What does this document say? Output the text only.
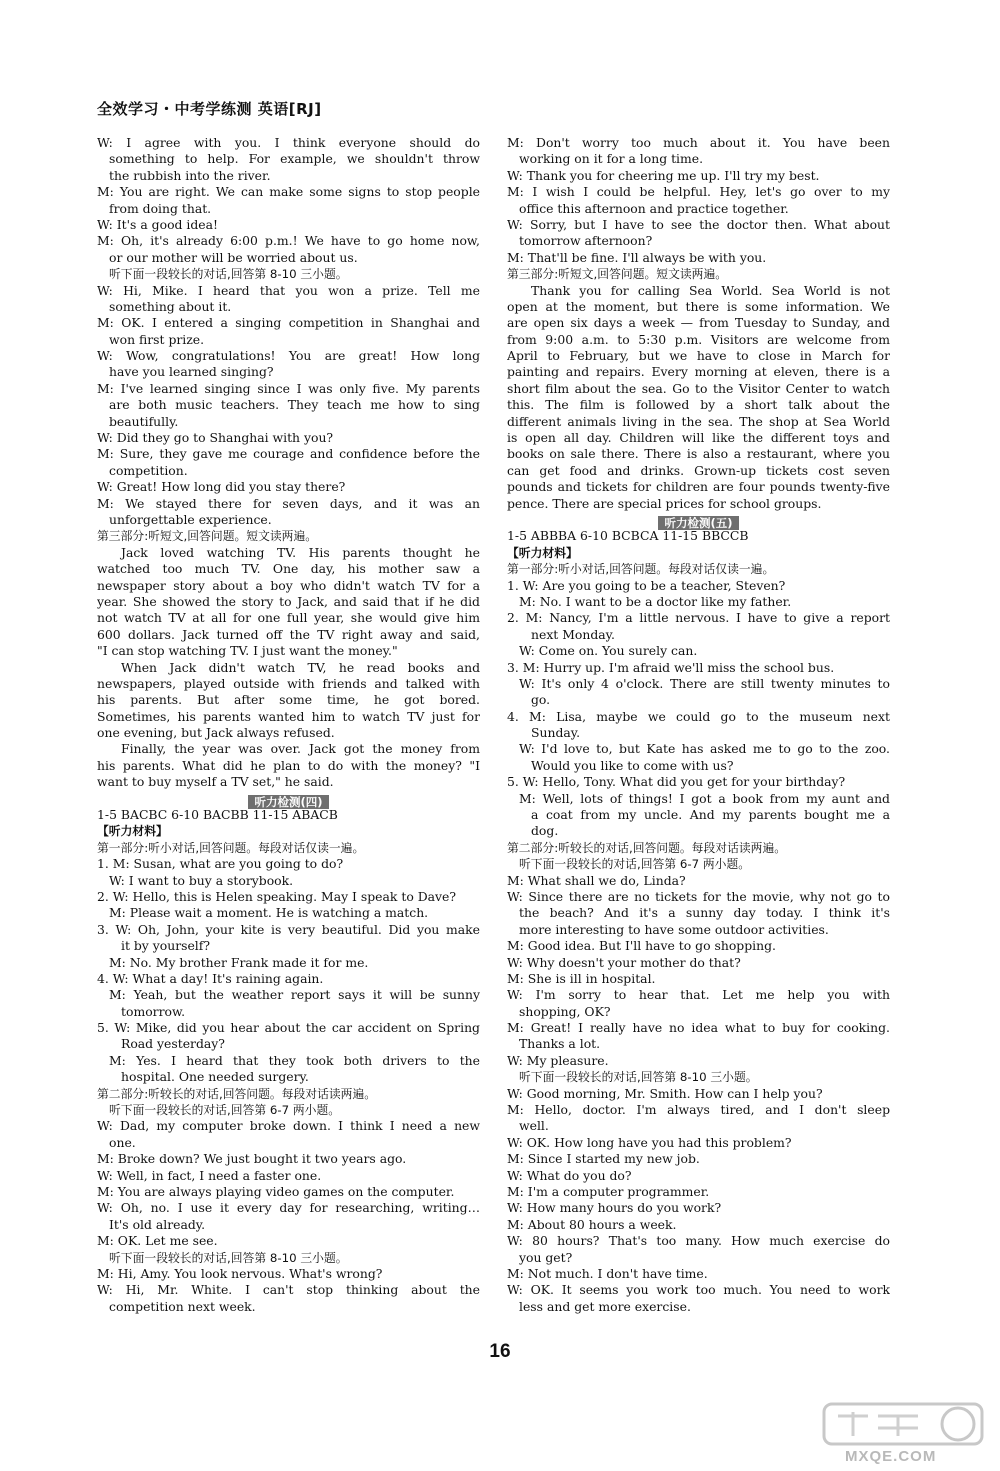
全效学习・中考学练测 英语[RJ]
W: I agree with you. I think everyone should do
something to help. For example, we shouldn't throw
the rubbish into the river.
M: You are right. We can make some signs to stop people
from doing that.
W: It's a good idea!
M: Oh, it's already 6:00 p.m.! We have to go home now,
or our mother will be worried about us.
听下面一段较长的对话,回答第 8-10 三小题。
W: Hi, Mike. I heard that you won a prize. Tell me
something about it.
M: OK. I entered a singing competition in Shanghai and
won first prize.
W: Wow, congratulations! You are great! How long
have you learned singing?
M: I've learned singing since I was only five. My parents
are both music teachers. They teach me how to sing
beautifully.
W: Did they go to Shanghai with you?
M: Sure, they gave me courage and confidence before the
competition.
W: Great! How long did you stay there?
M: We stayed there for seven days, and it was an
unforgettable experience.
第三部分:听短文,回答问题。短文读两遍。
Jack loved watching TV. His parents thought he
watched too much TV. One day, his mother saw a
newspaper story about a boy who didn't watch TV for a
year. She showed the story to Jack, and said that if he did
not watch TV at all for one full year, she would give him
600 dollars. Jack turned off the TV right away and said,
"I can stop watching TV. I just want the money."
When Jack didn't watch TV, he read books and
newspapers, played outside with friends and talked with
his parents. But after some time, he got bored.
Sometimes, his parents wanted him to watch TV just for
one evening, but Jack always refused.
Finally, the year was over. Jack got the money from
his parents. What did he plan to do with the money? "I
want to buy myself a TV set," he said.
听力检测(四)
1-5 BACBC 6-10 BACBB 11-15 ABACB
【听力材料】
第一部分:听小对话,回答问题。每段对话仅读一遍。
1. M: Susan, what are you going to do?
W: I want to buy a storybook.
2. W: Hello, this is Helen speaking. May I speak to Dave?
M: Please wait a moment. He is watching a match.
3. W: Oh, John, your kite is very beautiful. Did you make
it by yourself?
M: No. My brother Frank made it for me.
4. W: What a day! It's raining again.
M: Yeah, but the weather report says it will be sunny
tomorrow.
5. W: Mike, did you hear about the car accident on Spring
Road yesterday?
M: Yes. I heard that they took both drivers to the
hospital. One needed surgery.
第二部分:听较长的对话,回答问题。每段对话读两遍。
听下面一段较长的对话,回答第 6-7 两小题。
W: Dad, my computer broke down. I think I need a new
one.
M: Broke down? We just bought it two years ago.
W: Well, in fact, I need a faster one.
M: You are always playing video games on the computer.
W: Oh, no. I use it every day for researching, writing…
It's old already.
M: OK. Let me see.
听下面一段较长的对话,回答第 8-10 三小题。
M: Hi, Amy. You look nervous. What's wrong?
W: Hi, Mr. White. I can't stop thinking about the
competition next week.
M: Don't worry too much about it. You have been
working on it for a long time.
W: Thank you for cheering me up. I'll try my best.
M: I wish I could be helpful. Hey, let's go over to my
office this afternoon and practice together.
W: Sorry, but I have to see the doctor then. What about
tomorrow afternoon?
M: That'll be fine. I'll always be with you.
第三部分:听短文,回答问题。短文读两遍。
Thank you for calling Sea World. Sea World is not
open at the moment, but there is some information. We
are open six days a week — from Tuesday to Sunday, and
from 9:00 a.m. to 5:30 p.m. Visitors are welcome from
April to February, but we have to close in March for
painting and repairs. Every morning at eleven, there is a
short film about the sea. Go to the Visitor Center to watch
this. The film is followed by a short talk about the
different animals living in the sea. The shop at Sea World
is open all day. Children will like the different toys and
books on sale there. There is also a restaurant, where you
can get food and drinks. Grown-up tickets cost seven
pounds and tickets for children are four pounds twenty-five
pence. There are special prices for school groups.
听力检测(五)
1-5 ABBBA 6-10 BCBCA 11-15 BBCCB
【听力材料】
第一部分:听小对话,回答问题。每段对话仅读一遍。
1. W: Are you going to be a teacher, Steven?
M: No. I want to be a doctor like my father.
2. M: Nancy, I'm a little nervous. I have to give a report
next Monday.
W: Come on. You surely can.
3. M: Hurry up. I'm afraid we'll miss the school bus.
W: It's only 4 o'clock. There are still twenty minutes to
go.
4. M: Lisa, maybe we could go to the museum next
Sunday.
W: I'd love to, but Kate has asked me to go to the zoo.
Would you like to come with us?
5. W: Hello, Tony. What did you get for your birthday?
M: Well, lots of things! I got a book from my aunt and
a coat from my uncle. And my parents bought me a
dog.
第二部分:听较长的对话,回答问题。每段对话读两遍。
听下面一段较长的对话,回答第 6-7 两小题。
M: What shall we do, Linda?
W: Since there are no tickets for the movie, why not go to
the beach? And it's a sunny day today. I think it's
more interesting to have some outdoor activities.
M: Good idea. But I'll have to go shopping.
W: Why doesn't your mother do that?
M: She is ill in hospital.
W: I'm sorry to hear that. Let me help you with
shopping, OK?
M: Great! I really have no idea what to buy for cooking.
Thanks a lot.
W: My pleasure.
听下面一段较长的对话,回答第 8-10 三小题。
W: Good morning, Mr. Smith. How can I help you?
M: Hello, doctor. I'm always tired, and I don't sleep
well.
W: OK. How long have you had this problem?
M: Since I started my new job.
W: What do you do?
M: I'm a computer programmer.
W: How many hours do you work?
M: About 80 hours a week.
W: 80 hours? That's too many. How much exercise do
you get?
M: Not much. I don't have time.
W: OK. It seems you work too much. You need to work
less and get more exercise.
16
MXQE.COM
